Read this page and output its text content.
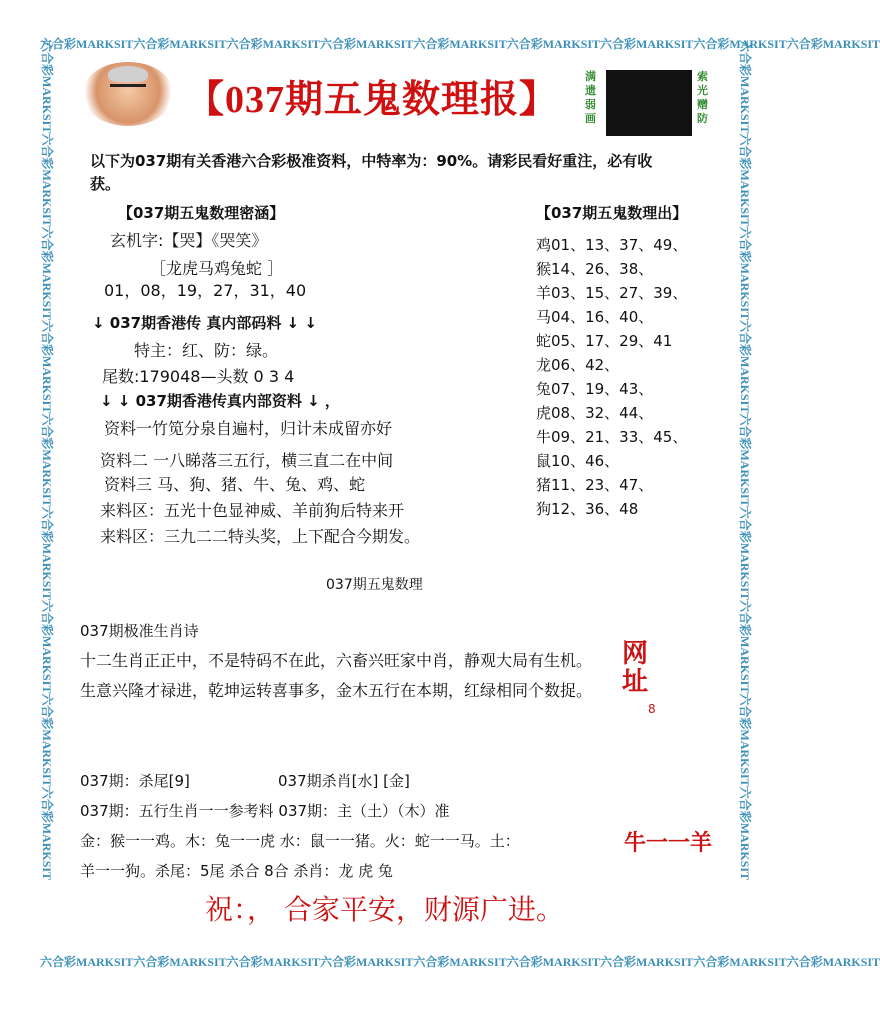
六合彩MARKSIT六合彩MARKSIT六合彩MARKSIT六合彩MARKSIT六合彩MARKSIT六合彩MARKSIT六合彩MARKSIT六合彩MARKSIT六合彩MARKSIT
六合彩MARKSIT六合彩MARKSIT六合彩MARKSIT六合彩MARKSIT六合彩MARKSIT六合彩MARKSIT六合彩MARKSIT六合彩MARKSIT六合彩MARKSIT
六合彩MARKSIT六合彩MARKSIT六合彩MARKSIT六合彩MARKSIT六合彩MARKSIT六合彩MARKSIT六合彩MARKSIT六合彩MARKSIT六合彩MARKSIT	六合彩MARKSIT六合彩MARKSIT六合彩MARKSIT六合彩MARKSIT六合彩MARKSIT六合彩MARKSIT六合彩MARKSIT六合彩MARKSIT六合彩MARKSIT
【037期五鬼数理报】
满遗弱画
索光赠防
以下为037期有关香港六合彩极准资料，中特率为：90%。请彩民看好重注，必有收
获。
【037期五鬼数理密涵】
玄机字:【哭】《哭笑》
［龙虎马鸡兔蛇 ］
01，08，19，27，31，40
↓ 037期香港传 真内部码料 ↓ ↓
特主：红、防：绿。
尾数:179048—头数 0 3 4
↓ ↓ 037期香港传真内部资料 ↓ ，
资料一竹笕分泉自遍村，归计未成留亦好
资料二 一八睇落三五行，横三直二在中间
资料三 马、狗、猪、牛、兔、鸡、蛇
来料区：五光十色显神威、羊前狗后特来开
来料区：三九二二特头奖，上下配合今期发。
【037期五鬼数理出】
鸡01、13、37、49、
猴14、26、38、
羊03、15、27、39、
马04、16、40、
蛇05、17、29、41
龙06、42、
兔07、19、43、
虎08、32、44、
牛09、21、33、45、
鼠10、46、
猪11、23、47、
狗12、36、48
037期五鬼数理
037期极准生肖诗
十二生肖正正中，不是特码不在此，六畜兴旺家中肖，静观大局有生机。
生意兴隆才禄进，乾坤运转喜事多，金木五行在本期，红绿相同个数捉。
网址
8
037期：杀尾[9]	037期杀肖[水] [金]
037期：五行生肖一一参考料 037期：主（土）（木）准
金：猴一一鸡。木：兔一一虎 水：鼠一一猪。火：蛇一一马。土：	牛一一羊
羊一一狗。杀尾：5尾 杀合 8合 杀肖：龙 虎 兔
祝：， 合家平安，财源广进。
